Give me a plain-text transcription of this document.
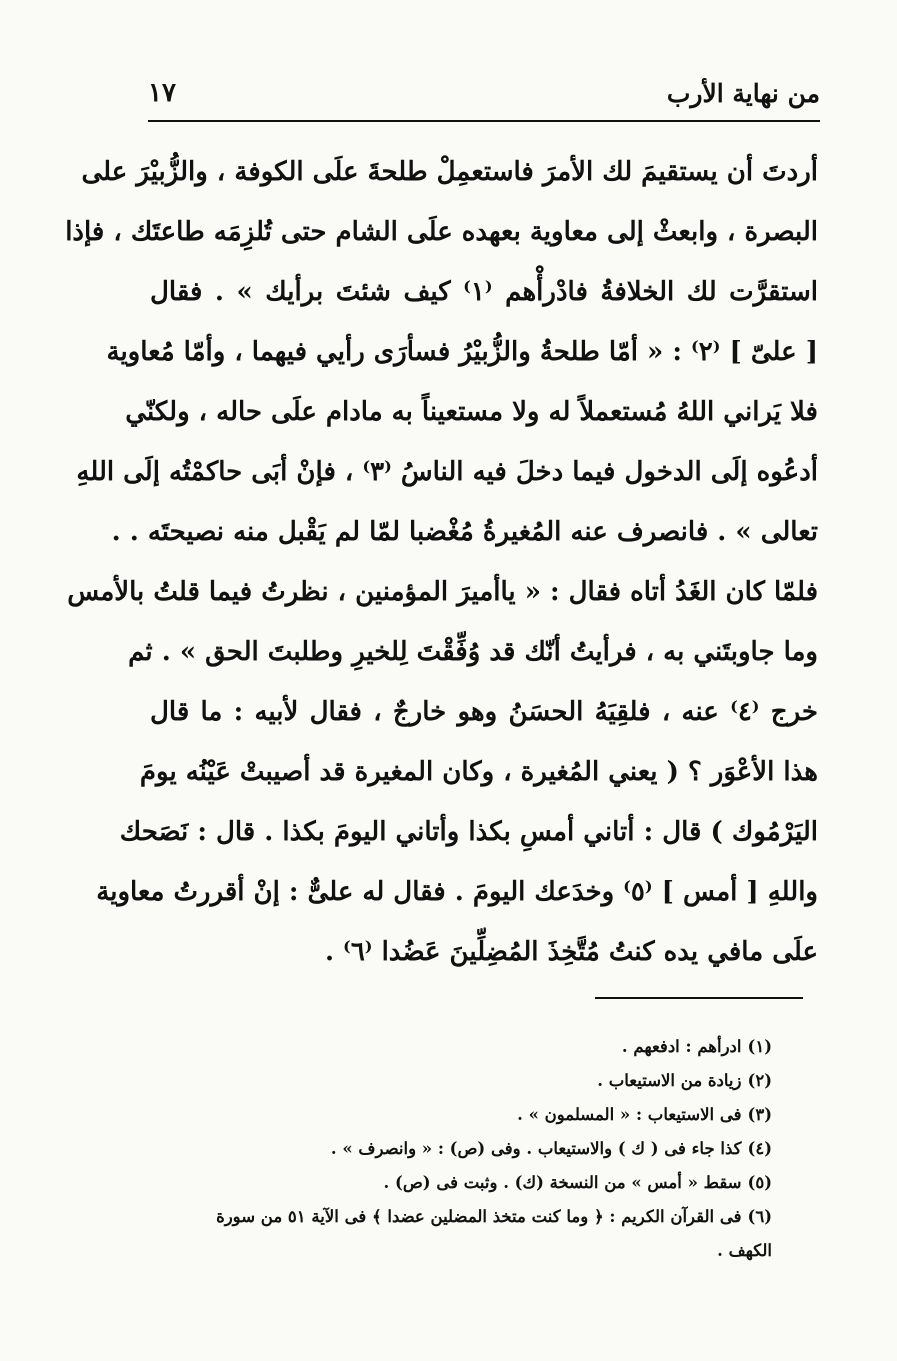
من نهاية الأرب
١٧
أردتَ أن يستقيمَ لك الأمرَ فاستعمِلْ طلحةَ علَى الكوفة ، والزُّبيْرَ على
البصرة ، وابعثْ إلى معاوية بعهده علَى الشام حتى تُلزِمَه طاعتَك ، فإذا
استقرَّت لك الخلافةُ فادْرأْهم ⁽١⁾ كيف شئتَ برأيك » . فقال
[ علىّ ] ⁽٢⁾ : « أمّا طلحةُ والزُّبيْرُ فسأرَى رأيي فيهما ، وأمّا مُعاوية
فلا يَراني اللهُ مُستعملاً له ولا مستعيناً به مادام علَى حاله ، ولكنّي
أدعُوه إلَى الدخول فيما دخلَ فيه الناسُ ⁽٣⁾ ، فإنْ أبَى حاكمْتُه إلَى اللهِ
تعالى » . فانصرف عنه المُغيرةُ مُغْضبا لمّا لم يَقْبل منه نصيحتَه . .
فلمّا كان الغَدُ أتاه فقال : « ياأميرَ المؤمنين ، نظرتُ فيما قلتُ بالأمس
وما جاوبتَني به ، فرأيتُ أنّك قد وُفِّقْتَ لِلخيرِ وطلبتَ الحق » . ثم
خرج ⁽٤⁾ عنه ، فلقِيَهُ الحسَنُ وهو خارجٌ ، فقال لأبيه : ما قال
هذا الأعْوَر ؟ ( يعني المُغيرة ، وكان المغيرة قد أصيبتْ عَيْنُه يومَ
اليَرْمُوك ) قال : أتاني أمسِ بكذا وأتاني اليومَ بكذا . قال : نَصَحك
واللهِ [ أمس ] ⁽٥⁾ وخدَعك اليومَ . فقال له علىٌّ : إنْ أقررتُ معاوية
علَى مافي يده كنتُ مُتَّخِذَ المُضِلِّينَ عَضُدا ⁽٦⁾ .
(١)ادرأهم : ادفعهم .
(٢)زيادة من الاستيعاب .
(٣)فى الاستيعاب : « المسلمون » .
(٤)كذا جاء فى ( ك ) والاستيعاب . وفى (ص) : « وانصرف » .
(٥)سقط « أمس » من النسخة (ك) . وثبت فى (ص) .
(٦)فى القرآن الكريم : ﴿ وما كنت متخذ المضلين عضدا ﴾ فى الآية ٥١ من سورة
الكهف .
